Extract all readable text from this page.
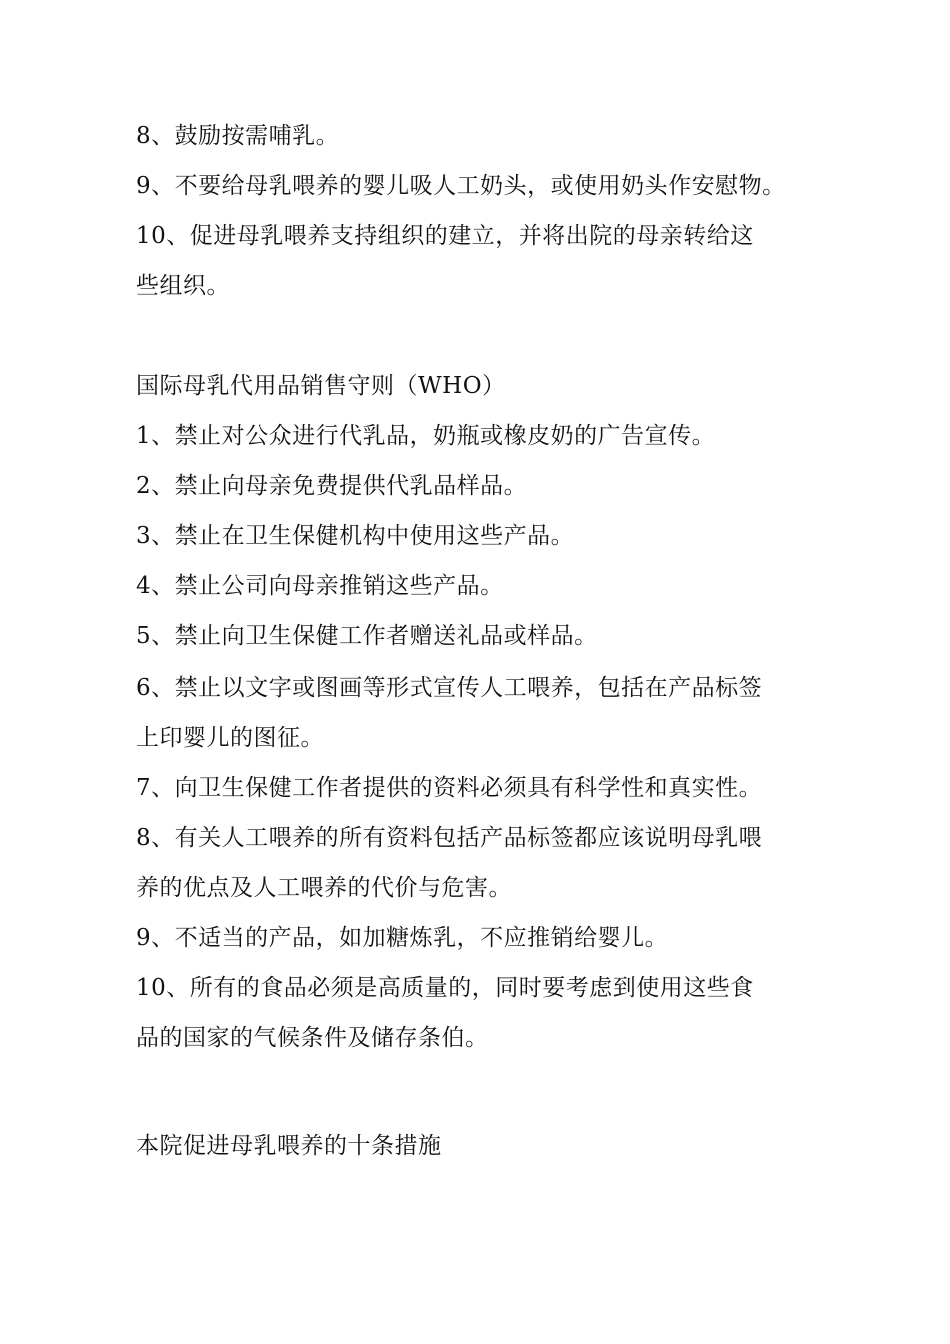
8、鼓励按需哺乳。
9、不要给母乳喂养的婴儿吸人工奶头，或使用奶头作安慰物。
10、促进母乳喂养支持组织的建立，并将出院的母亲转给这
些组织。
国际母乳代用品销售守则（WHO）
1、禁止对公众进行代乳品，奶瓶或橡皮奶的广告宣传。
2、禁止向母亲免费提供代乳品样品。
3、禁止在卫生保健机构中使用这些产品。
4、禁止公司向母亲推销这些产品。
5、禁止向卫生保健工作者赠送礼品或样品。
6、禁止以文字或图画等形式宣传人工喂养，包括在产品标签
上印婴儿的图征。
7、向卫生保健工作者提供的资料必须具有科学性和真实性。
8、有关人工喂养的所有资料包括产品标签都应该说明母乳喂
养的优点及人工喂养的代价与危害。
9、不适当的产品，如加糖炼乳，不应推销给婴儿。
10、所有的食品必须是高质量的，同时要考虑到使用这些食
品的国家的气候条件及储存条伯。
本院促进母乳喂养的十条措施
